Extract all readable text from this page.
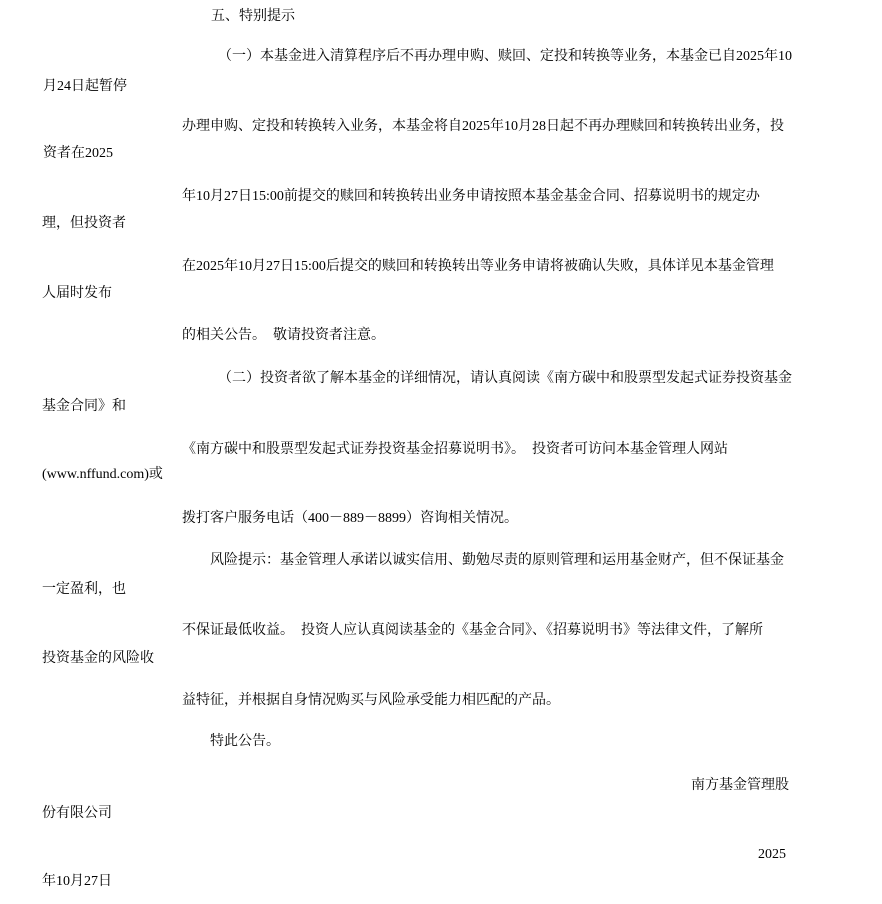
五、特别提示
（一）本基金进入清算程序后不再办理申购、赎回、定投和转换等业务，本基金已自2025年10
月24日起暂停
办理申购、定投和转换转入业务，本基金将自2025年10月28日起不再办理赎回和转换转出业务，投
资者在2025
年10月27日15:00前提交的赎回和转换转出业务申请按照本基金基金合同、招募说明书的规定办
理，但投资者
在2025年10月27日15:00后提交的赎回和转换转出等业务申请将被确认失败，具体详见本基金管理
人届时发布
的相关公告。  敬请投资者注意。
（二）投资者欲了解本基金的详细情况，请认真阅读《南方碳中和股票型发起式证券投资基金
基金合同》和
《南方碳中和股票型发起式证券投资基金招募说明书》。  投资者可访问本基金管理人网站
(www.nffund.com)或
拨打客户服务电话（400－889－8899）咨询相关情况。
风险提示：基金管理人承诺以诚实信用、勤勉尽责的原则管理和运用基金财产，但不保证基金
一定盈利，也
不保证最低收益。  投资人应认真阅读基金的《基金合同》、《招募说明书》等法律文件，了解所
投资基金的风险收
益特征，并根据自身情况购买与风险承受能力相匹配的产品。
特此公告。
南方基金管理股
份有限公司
2025
年10月27日
